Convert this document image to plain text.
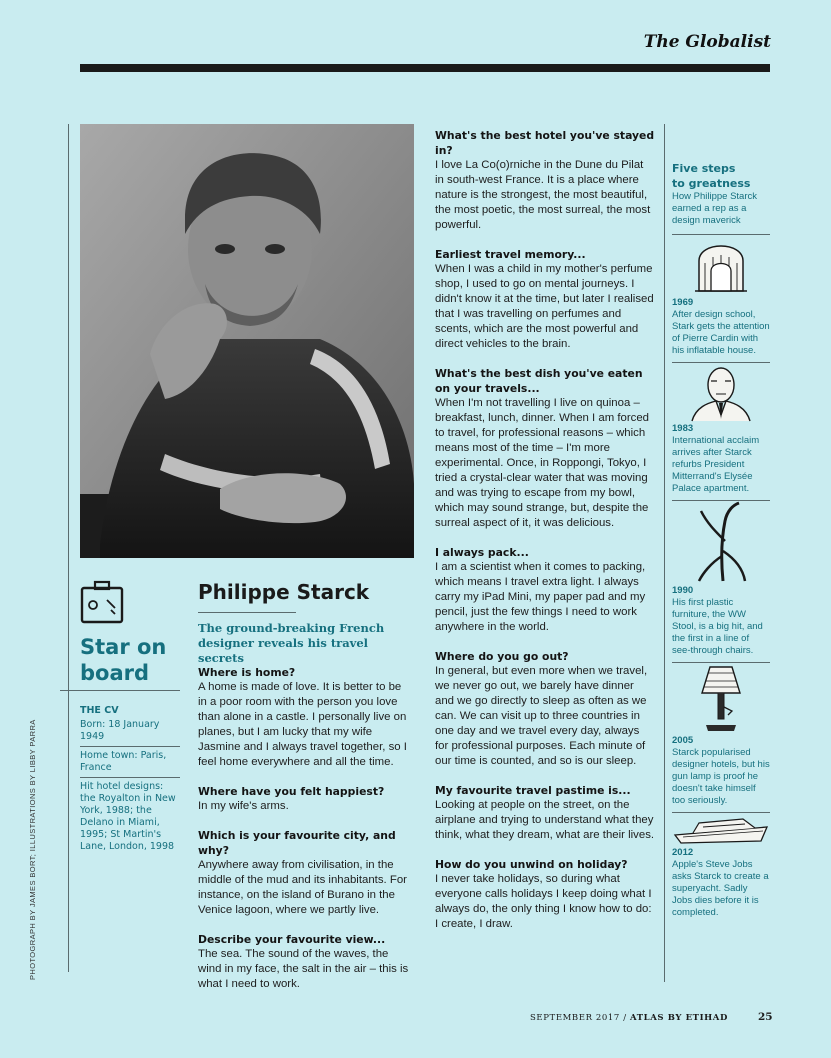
The Globalist
PHOTOGRAPH BY JAMES BORT; ILLUSTRATIONS BY LIBBY PARRA
Star on
board
THE CV
Born: 18 January 1949
Home town: Paris, France
Hit hotel designs: the Royalton in New York, 1988; the Delano in Miami, 1995; St Martin's Lane, London, 1998
Philippe Starck
The ground-breaking French designer reveals his travel secrets
Where is home?
A home is made of love. It is better to be in a poor room with the person you love than alone in a castle. I personally live on planes, but I am lucky that my wife Jasmine and I always travel together, so I feel home everywhere and all the time.
Where have you felt happiest?
In my wife's arms.
Which is your favourite city, and why?
Anywhere away from civilisation, in the middle of the mud and its inhabitants. For instance, on the island of Burano in the Venice lagoon, where we partly live.
Describe your favourite view...
The sea. The sound of the waves, the wind in my face, the salt in the air – this is what I need to work.
What's the best hotel you've stayed in?
I love La Co(o)rniche in the Dune du Pilat in south-west France. It is a place where nature is the strongest, the most beautiful, the most poetic, the most surreal, the most powerful.
Earliest travel memory...
When I was a child in my mother's perfume shop, I used to go on mental journeys. I didn't know it at the time, but later I realised that I was travelling on perfumes and scents, which are the most powerful and direct vehicles to the brain.
What's the best dish you've eaten on your travels...
When I'm not travelling I live on quinoa – breakfast, lunch, dinner. When I am forced to travel, for professional reasons – which means most of the time – I'm more experimental. Once, in Roppongi, Tokyo, I tried a crystal-clear water that was moving and was trying to escape from my bowl, which may sound strange, but, despite the surreal aspect of it, it was delicious.
I always pack...
I am a scientist when it comes to packing, which means I travel extra light. I always carry my iPad Mini, my paper pad and my pencil, just the few things I need to work anywhere in the world.
Where do you go out?
In general, but even more when we travel, we never go out, we barely have dinner and we go directly to sleep as often as we can. We can visit up to three countries in one day and we travel every day, always for professional purposes. Each minute of our time is counted, and so is our sleep.
My favourite travel pastime is...
Looking at people on the street, on the airplane and trying to understand what they think, what they dream, what are their lives.
How do you unwind on holiday?
I never take holidays, so during what everyone calls holidays I keep doing what I always do, the only thing I know how to do: I create, I draw.
Five steps
to greatness
How Philippe Starck earned a rep as a design maverick
1969
After design school, Stark gets the attention of Pierre Cardin with his inflatable house.
1983
International acclaim arrives after Starck refurbs President Mitterrand's Elysée Palace apartment.
1990
His first plastic furniture, the WW Stool, is a big hit, and the first in a line of see-through chairs.
2005
Starck popularised designer hotels, but his gun lamp is proof he doesn't take himself too seriously.
2012
Apple's Steve Jobs asks Starck to create a superyacht. Sadly Jobs dies before it is completed.
SEPTEMBER 2017 / ATLAS BY ETIHAD	25
